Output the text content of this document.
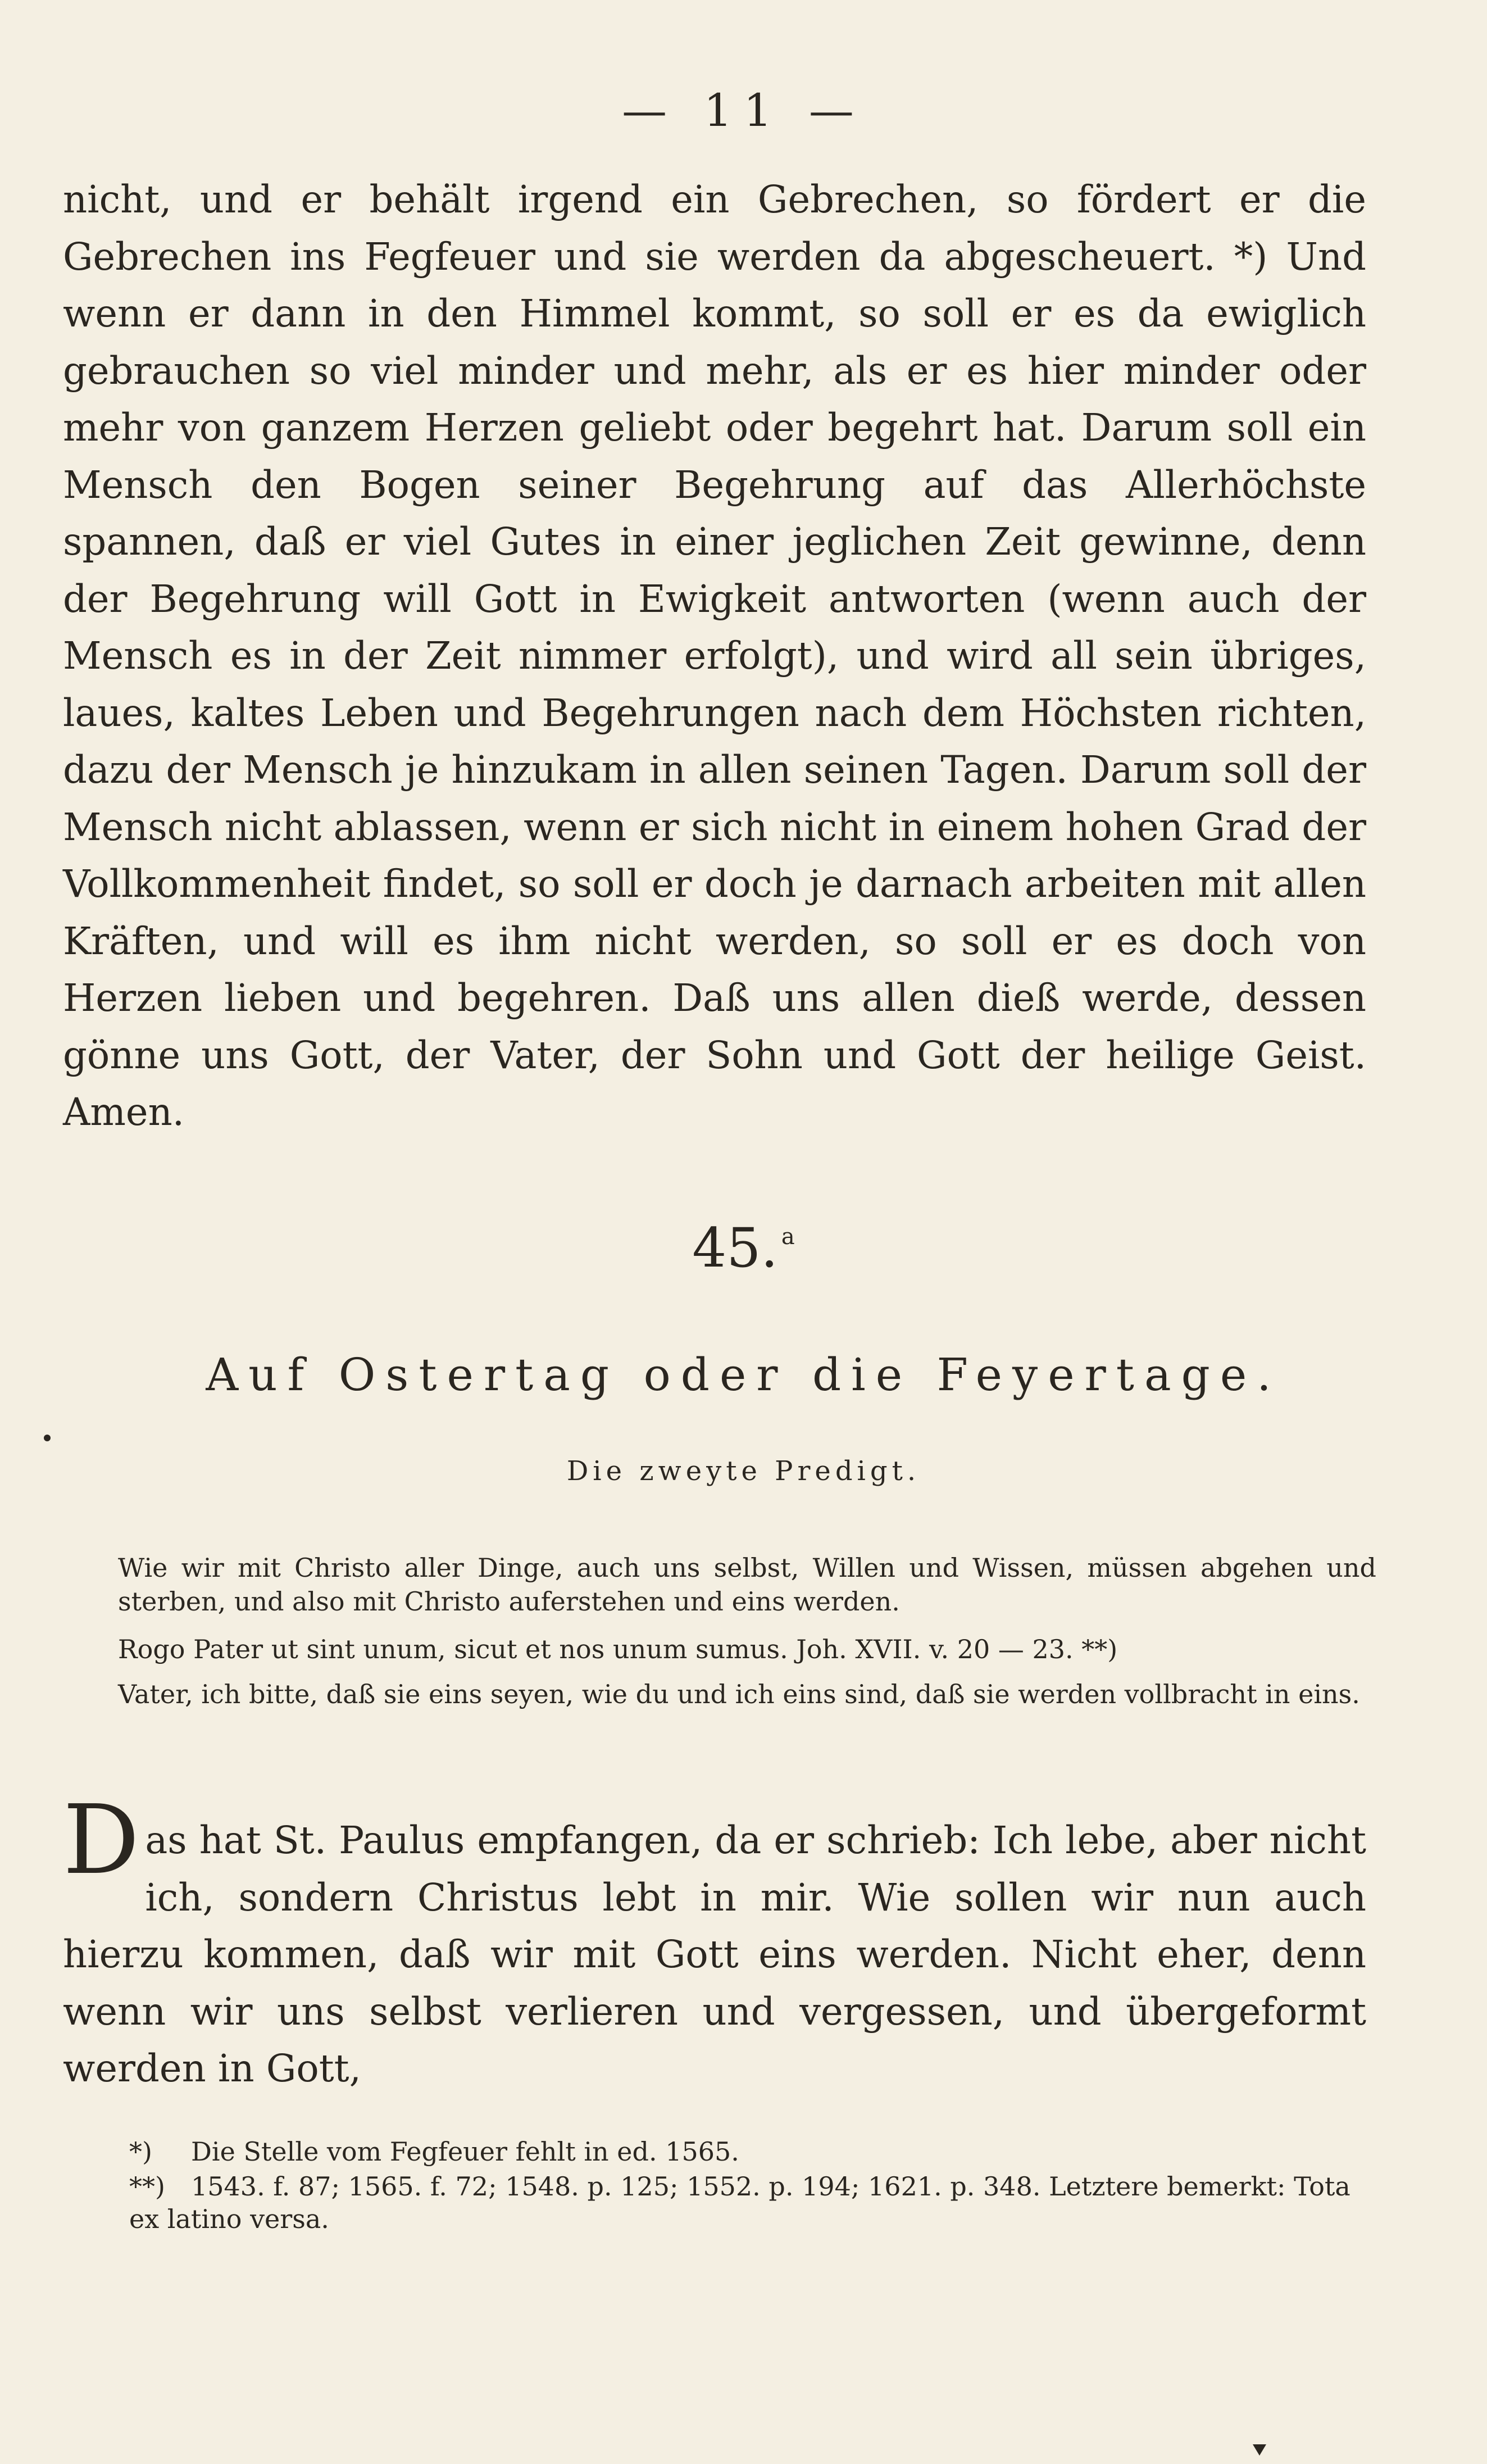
— 11 —
nicht, und er behält irgend ein Gebrechen, so fördert er die Gebrechen ins Fegfeuer und sie werden da abgescheuert. *) Und wenn er dann in den Himmel kommt, so soll er es da ewiglich gebrauchen so viel minder und mehr, als er es hier minder oder mehr von ganzem Herzen geliebt oder begehrt hat. Darum soll ein Mensch den Bogen seiner Begehrung auf das Allerhöchste spannen, daß er viel Gutes in einer jeglichen Zeit gewinne, denn der Begehrung will Gott in Ewigkeit antworten (wenn auch der Mensch es in der Zeit nimmer erfolgt), und wird all sein übriges, laues, kaltes Leben und Begehrungen nach dem Höchsten richten, dazu der Mensch je hinzukam in allen seinen Tagen. Darum soll der Mensch nicht ablassen, wenn er sich nicht in einem hohen Grad der Vollkommenheit findet, so soll er doch je darnach arbeiten mit allen Kräften, und will es ihm nicht werden, so soll er es doch von Herzen lieben und begehren. Daß uns allen dieß werde, dessen gönne uns Gott, der Vater, der Sohn und Gott der heilige Geist. Amen.
45. $^a$
Auf Ostertag oder die Feyertage.
Die zweyte Predigt.
Wie wir mit Christo aller Dinge, auch uns selbst, Willen und Wissen, müssen abgehen und sterben, und also mit Christo auferstehen und eins werden.
Rogo Pater ut sint unum, sicut et nos unum sumus. Joh. XVII. v. 20 — 23. **)
Vater, ich bitte, daß sie eins seyen, wie du und ich eins sind, daß sie werden vollbracht in eins.
Das hat St. Paulus empfangen, da er schrieb: Ich lebe, aber nicht ich, sondern Christus lebt in mir. Wie sollen wir nun auch hierzu kommen, daß wir mit Gott eins werden. Nicht eher, denn wenn wir uns selbst verlieren und vergessen, und übergeformt werden in Gott,
*) Die Stelle vom Fegfeuer fehlt in ed. 1565.
**) 1543. f. 87; 1565. f. 72; 1548. p. 125; 1552. p. 194; 1621. p. 348. Letztere bemerkt: Tota ex latino versa.
